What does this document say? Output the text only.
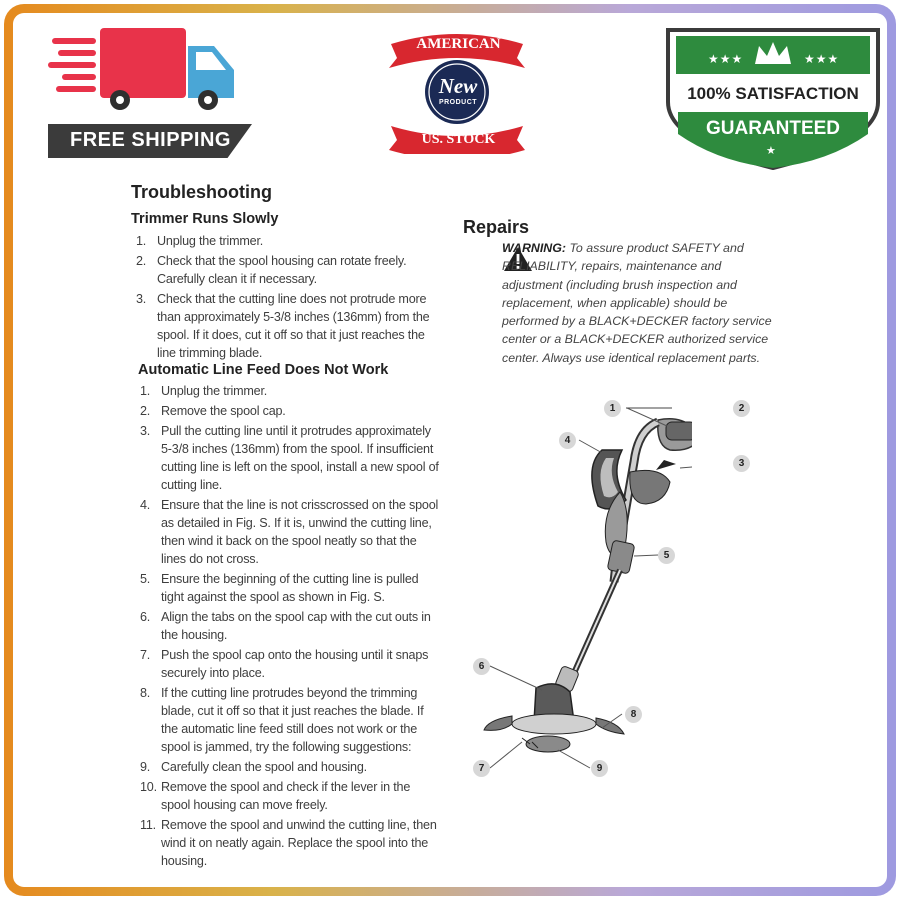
FREE SHIPPING
AMERICAN
New
PRODUCT
US. STOCK
★★★	★★★
100% SATISFACTION
GUARANTEED
★
Troubleshooting
Trimmer Runs Slowly
1. Unplug the trimmer.
2. Check that the spool housing can rotate freely. Carefully clean it if necessary.
3. Check that the cutting line does not protrude more than approximately 5-3/8 inches (136mm) from the spool. If it does, cut it off so that it just reaches the line trimming blade.
Automatic Line Feed Does Not Work
1. Unplug the trimmer.
2. Remove the spool cap.
3. Pull the cutting line until it protrudes approximately 5-3/8 inches (136mm) from the spool. If insufficient cutting line is left on the spool, install a new spool of cutting line.
4. Ensure that the line is not crisscrossed on the spool as detailed in Fig. S. If it is, unwind the cutting line, then wind it back on the spool neatly so that the lines do not cross.
5. Ensure the beginning of the cutting line is pulled tight against the spool as shown in Fig. S.
6. Align the tabs on the spool cap with the cut outs in the housing.
7. Push the spool cap onto the housing until it snaps securely into place.
8. If the cutting line protrudes beyond the trimming blade, cut it off so that it just reaches the blade. If the automatic line feed still does not work or the spool is jammed, try the following suggestions:
9. Carefully clean the spool and housing.
10. Remove the spool and check if the lever in the spool housing can move freely.
11. Remove the spool and unwind the cutting line, then wind it on neatly again. Replace the spool into the housing.
Repairs
WARNING: To assure product SAFETY and RELIABILITY, repairs, maintenance and adjustment (including brush inspection and replacement, when applicable) should be performed by a BLACK+DECKER factory service center or a BLACK+DECKER authorized service center. Always use identical replacement parts.
1	2
3
4
5
6
7
8
9
